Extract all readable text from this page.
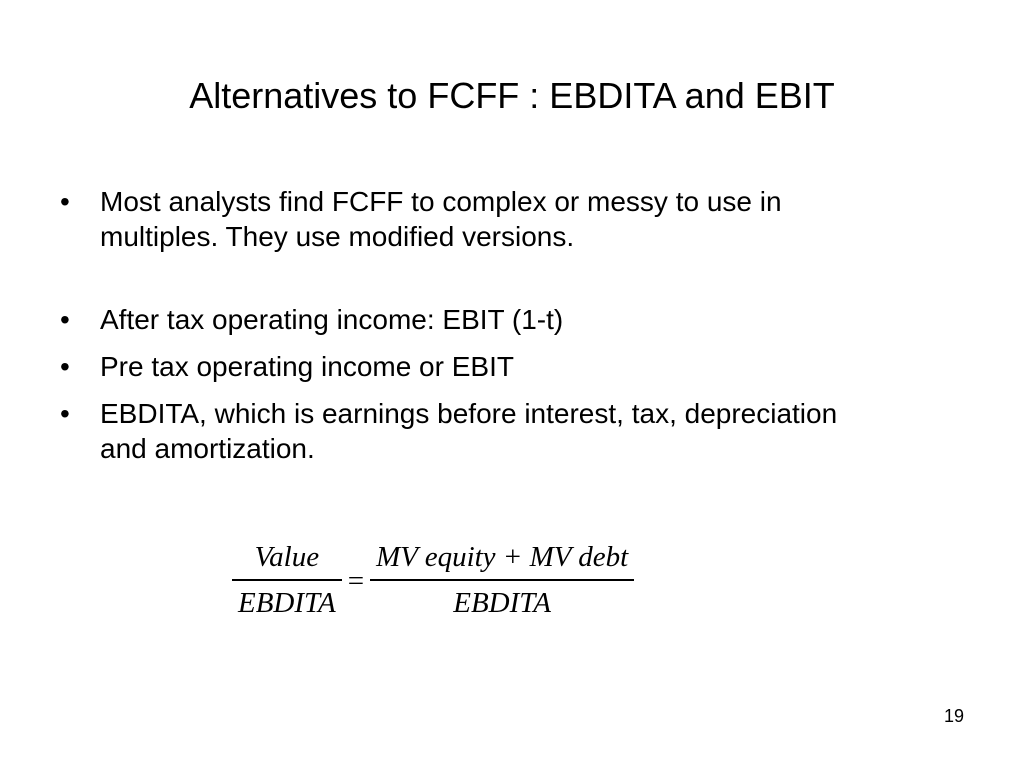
Alternatives to FCFF : EBDITA and EBIT
•	Most analysts find FCFF to complex or messy to use in multiples. They use modified versions.
•	After tax operating income: EBIT (1-t)
•	Pre tax operating income or EBIT
•	EBDITA, which is earnings before interest, tax, depreciation and amortization.
$\frac{\text{Value}}{\text{EBDITA}} = \frac{\text{MV equity + MV debt}}{\text{EBDITA}}$
19
